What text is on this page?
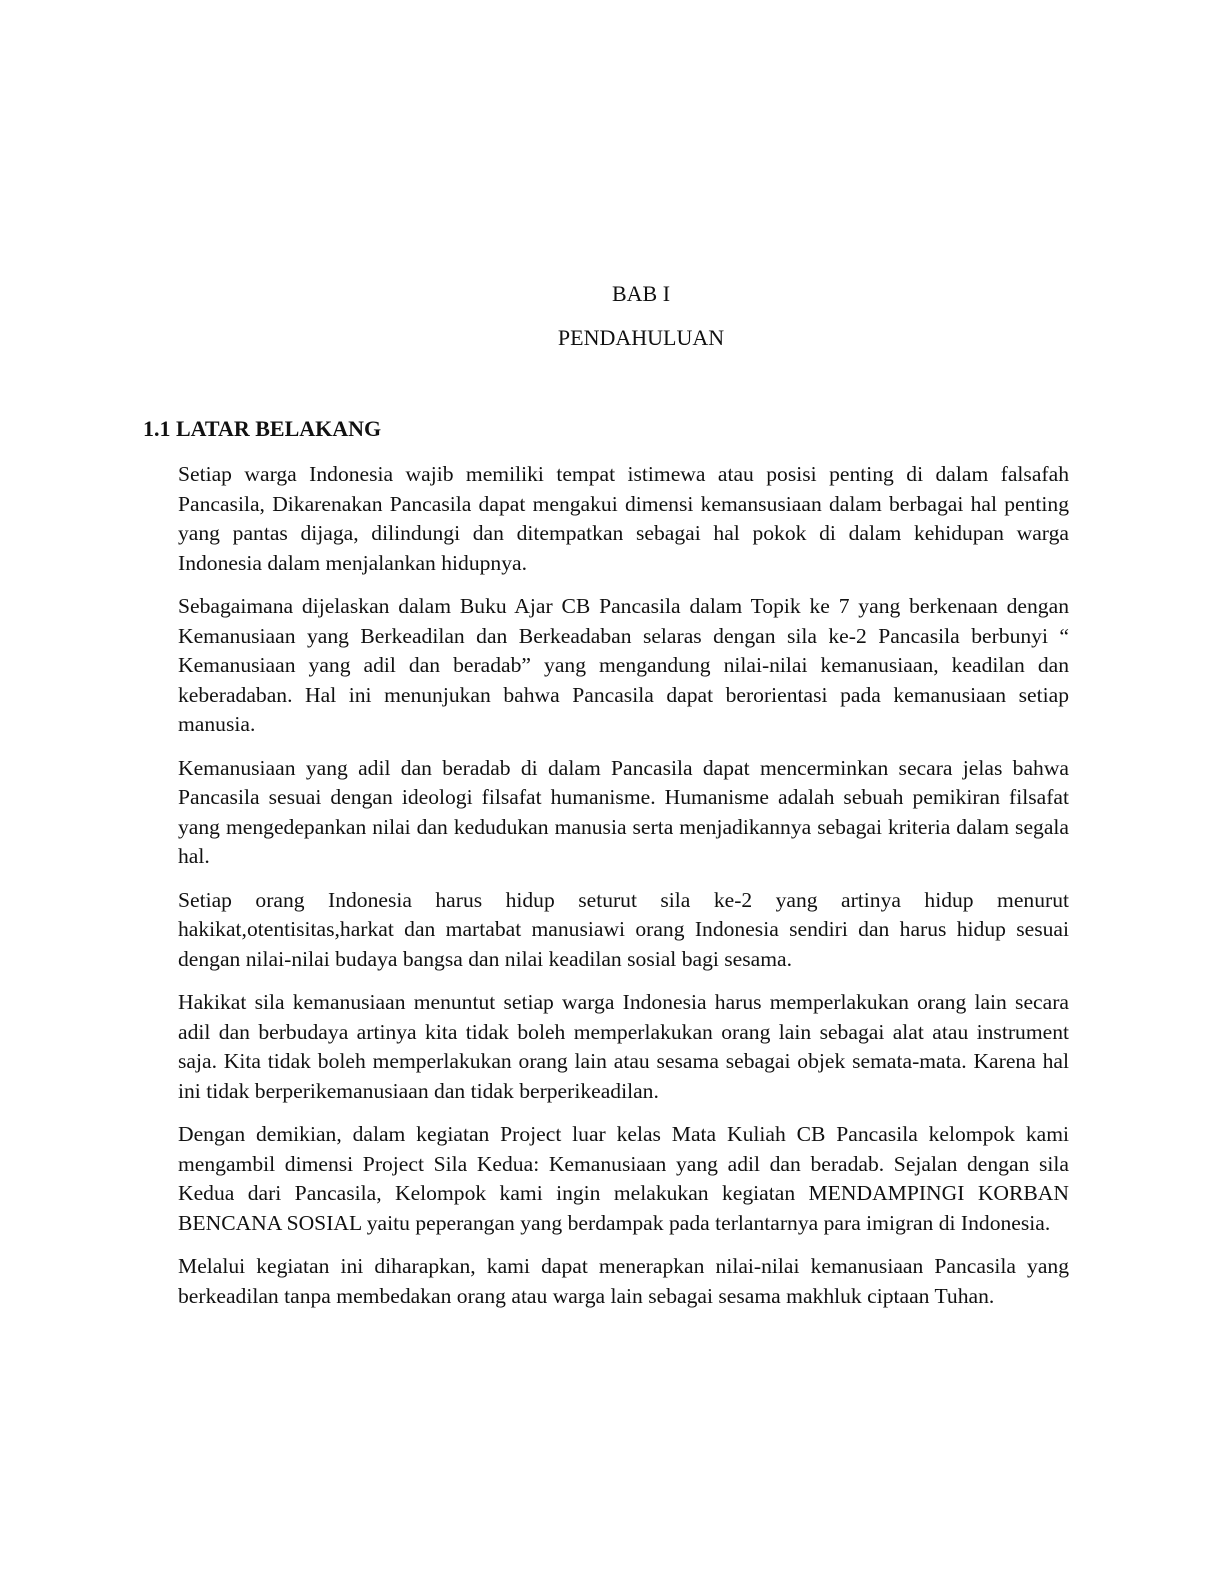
BAB I
PENDAHULUAN
1.1 LATAR BELAKANG

Setiap warga Indonesia wajib memiliki tempat istimewa atau posisi penting di dalam falsafah Pancasila, Dikarenakan Pancasila dapat mengakui dimensi kemansusiaan dalam berbagai hal penting yang pantas dijaga, dilindungi dan ditempatkan sebagai hal pokok di dalam kehidupan warga Indonesia dalam menjalankan hidupnya.

Sebagaimana dijelaskan dalam Buku Ajar CB Pancasila dalam Topik ke 7 yang berkenaan dengan Kemanusiaan yang Berkeadilan dan Berkeadaban selaras dengan sila ke-2 Pancasila berbunyi “ Kemanusiaan yang adil dan beradab” yang mengandung nilai-nilai kemanusiaan, keadilan dan keberadaban. Hal ini menunjukan bahwa Pancasila dapat berorientasi pada kemanusiaan setiap manusia.

Kemanusiaan yang adil dan beradab di dalam Pancasila dapat mencerminkan secara jelas bahwa Pancasila sesuai dengan ideologi filsafat humanisme. Humanisme adalah sebuah pemikiran filsafat yang mengedepankan nilai dan kedudukan manusia serta menjadikannya sebagai kriteria dalam segala hal.

Setiap orang Indonesia harus hidup seturut sila ke-2 yang artinya hidup menurut hakikat,otentisitas,harkat dan martabat manusiawi orang Indonesia sendiri dan harus hidup sesuai dengan nilai-nilai budaya bangsa dan nilai keadilan sosial bagi sesama.

Hakikat sila kemanusiaan menuntut setiap warga Indonesia harus memperlakukan orang lain secara adil dan berbudaya artinya kita tidak boleh memperlakukan orang lain sebagai alat atau instrument saja. Kita tidak boleh memperlakukan orang lain atau sesama sebagai objek semata-mata. Karena hal ini tidak berperikemanusiaan dan tidak berperikeadilan.

Dengan demikian, dalam kegiatan Project luar kelas Mata Kuliah CB Pancasila kelompok kami mengambil dimensi Project Sila Kedua: Kemanusiaan yang adil dan beradab. Sejalan dengan sila Kedua dari Pancasila, Kelompok kami ingin melakukan kegiatan MENDAMPINGI KORBAN BENCANA SOSIAL yaitu peperangan yang berdampak pada terlantarnya para imigran di Indonesia.

Melalui kegiatan ini diharapkan, kami dapat menerapkan nilai-nilai kemanusiaan Pancasila yang berkeadilan tanpa membedakan orang atau warga lain sebagai sesama makhluk ciptaan Tuhan.
